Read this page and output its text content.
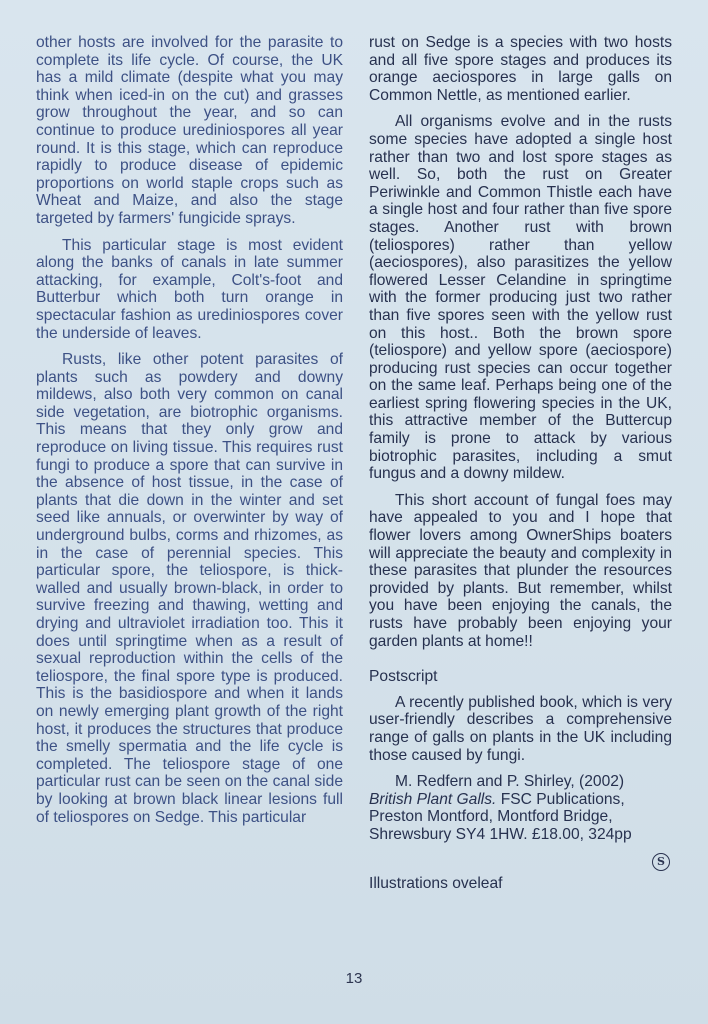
other hosts are involved for the parasite to complete its life cycle. Of course, the UK has a mild climate (despite what you may think when iced-in on the cut) and grasses grow throughout the year, and so can continue to produce urediniospores all year round. It is this stage, which can reproduce rapidly to produce disease of epidemic proportions on world staple crops such as Wheat and Maize, and also the stage targeted by farmers' fungicide sprays.

This particular stage is most evident along the banks of canals in late summer attacking, for example, Colt's-foot and Butterbur which both turn orange in spectacular fashion as urediniospores cover the underside of leaves.

Rusts, like other potent parasites of plants such as powdery and downy mildews, also both very common on canal side vegetation, are biotrophic organisms. This means that they only grow and reproduce on living tissue. This requires rust fungi to produce a spore that can survive in the absence of host tissue, in the case of plants that die down in the winter and set seed like annuals, or overwinter by way of underground bulbs, corms and rhizomes, as in the case of perennial species. This particular spore, the teliospore, is thick-walled and usually brown-black, in order to survive freezing and thawing, wetting and drying and ultraviolet irradiation too. This it does until springtime when as a result of sexual reproduction within the cells of the teliospore, the final spore type is produced. This is the basidiospore and when it lands on newly emerging plant growth of the right host, it produces the structures that produce the smelly spermatia and the life cycle is completed. The teliospore stage of one particular rust can be seen on the canal side by looking at brown black linear lesions full of teliospores on Sedge. This particular

rust on Sedge is a species with two hosts and all five spore stages and produces its orange aeciospores in large galls on Common Nettle, as mentioned earlier.

All organisms evolve and in the rusts some species have adopted a single host rather than two and lost spore stages as well. So, both the rust on Greater Periwinkle and Common Thistle each have a single host and four rather than five spore stages. Another rust with brown (teliospores) rather than yellow (aeciospores), also parasitizes the yellow flowered Lesser Celandine in springtime with the former producing just two rather than five spores seen with the yellow rust on this host.. Both the brown spore (teliospore) and yellow spore (aeciospore) producing rust species can occur together on the same leaf. Perhaps being one of the earliest spring flowering species in the UK, this attractive member of the Buttercup family is prone to attack by various biotrophic parasites, including a smut fungus and a downy mildew.

This short account of fungal foes may have appealed to you and I hope that flower lovers among OwnerShips boaters will appreciate the beauty and complexity in these parasites that plunder the resources provided by plants. But remember, whilst you have been enjoying the canals, the rusts have probably been enjoying your garden plants at home!!

Postscript

A recently published book, which is very user-friendly describes a comprehensive range of galls on plants in the UK including those caused by fungi.

M. Redfern and P. Shirley, (2002)
British Plant Galls. FSC Publications, Preston Montford, Montford Bridge, Shrewsbury SY4 1HW. £18.00, 324pp

S

Illustrations oveleaf

13
